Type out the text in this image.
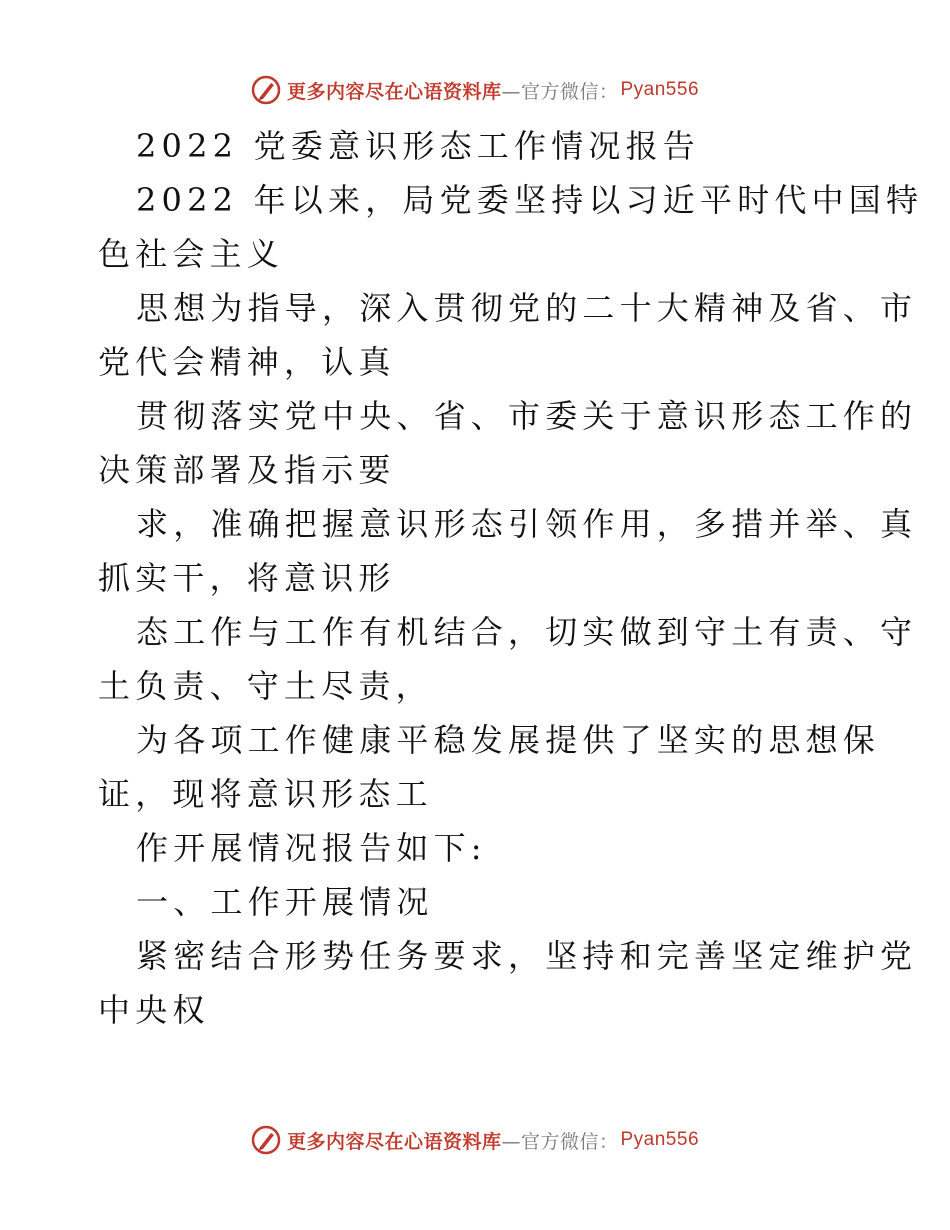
更多内容尽在心语资料库 —官方微信： Pyan556
2022 党委意识形态工作情况报告
2022 年以来，局党委坚持以习近平时代中国特
色社会主义
思想为指导，深入贯彻党的二十大精神及省、市
党代会精神，认真
贯彻落实党中央、省、市委关于意识形态工作的
决策部署及指示要
求，准确把握意识形态引领作用，多措并举、真
抓实干，将意识形
态工作与工作有机结合，切实做到守土有责、守
土负责、守土尽责，
为各项工作健康平稳发展提供了坚实的思想保
证，现将意识形态工
作开展情况报告如下:
一、工作开展情况
紧密结合形势任务要求，坚持和完善坚定维护党
中央权
更多内容尽在心语资料库 —官方微信： Pyan556
